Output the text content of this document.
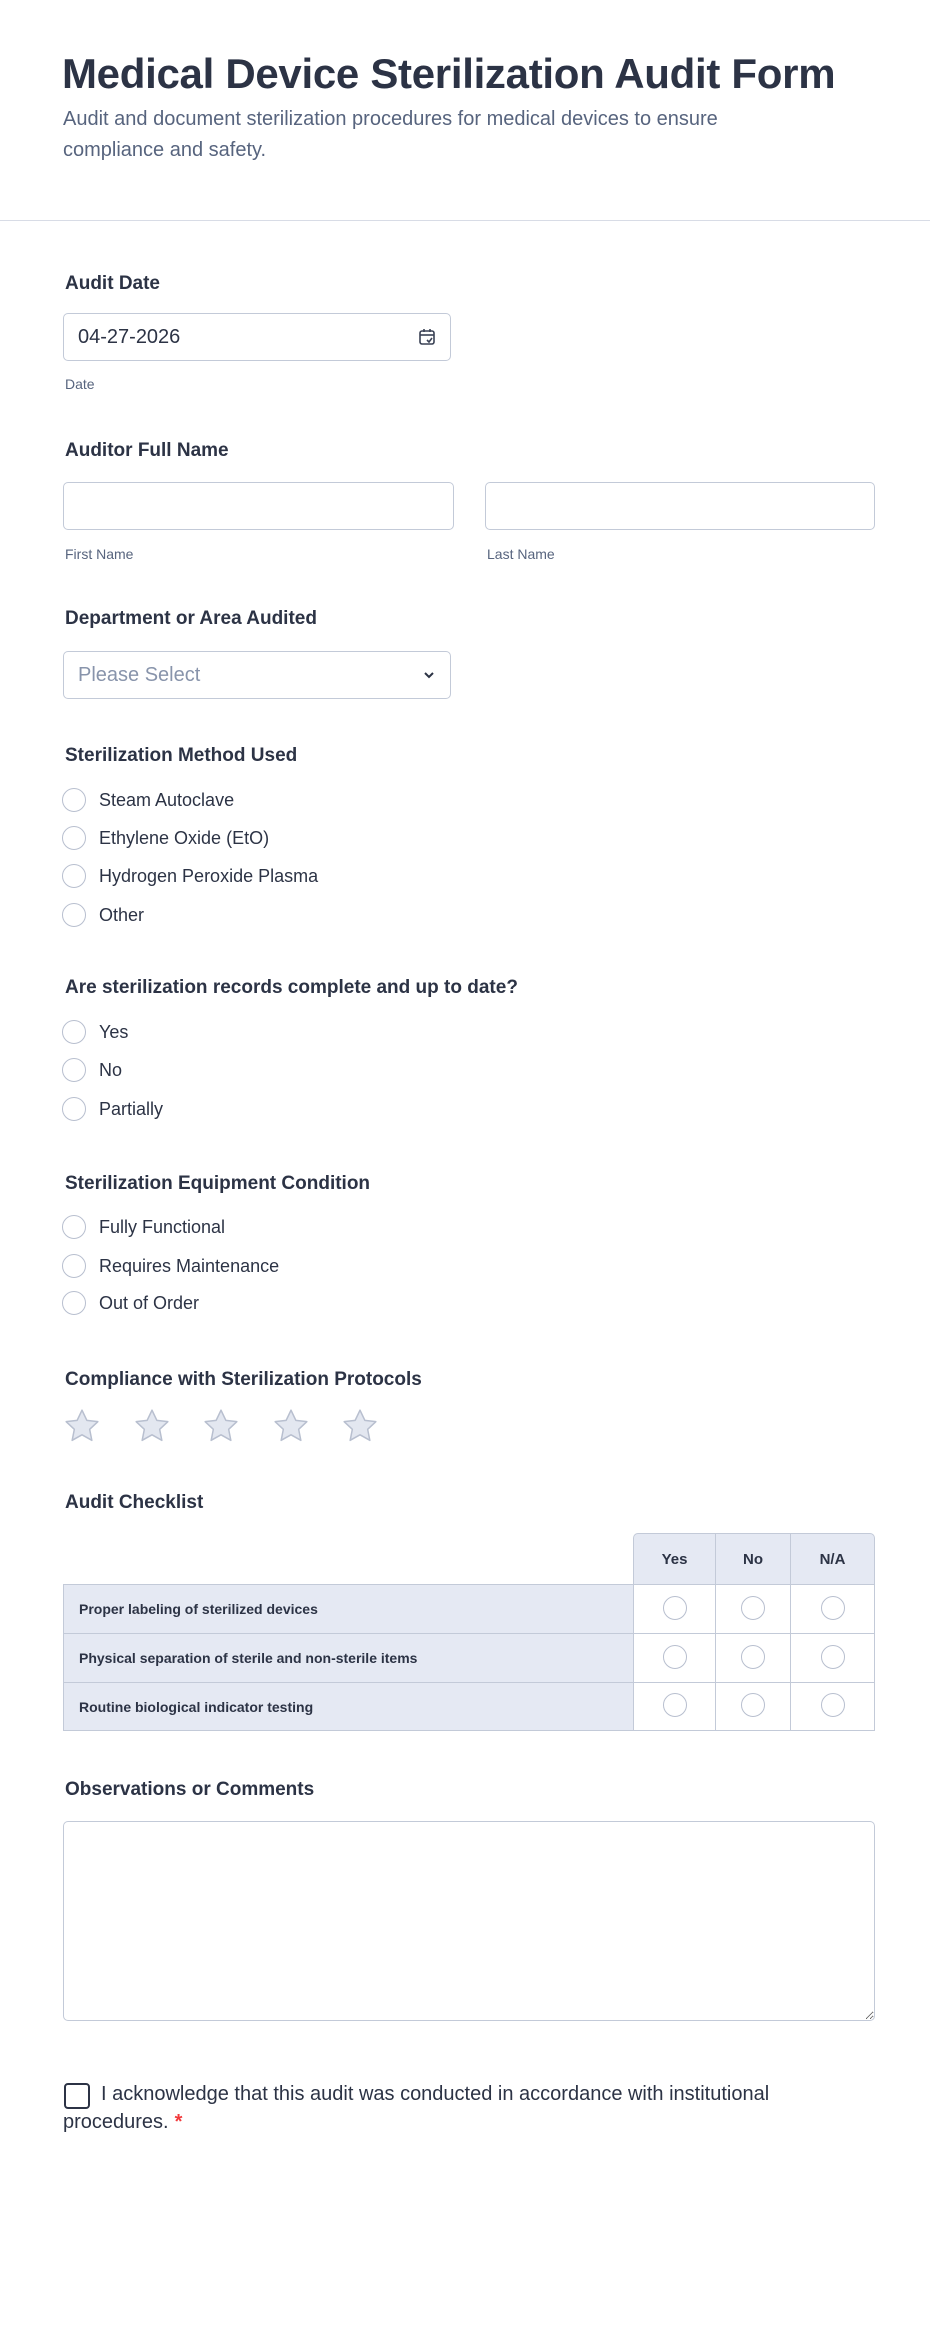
Medical Device Sterilization Audit Form

Audit and document sterilization procedures for medical devices to ensure compliance and safety.

Audit Date
04-27-2026
Date
Auditor Full Name
First Name	Last Name
Department or Area Audited
Please Select
Sterilization Method Used
Steam Autoclave
Ethylene Oxide (EtO)
Hydrogen Peroxide Plasma
Other
Are sterilization records complete and up to date?
Yes
No
Partially
Sterilization Equipment Condition
Fully Functional
Requires Maintenance
Out of Order
Compliance with Sterilization Protocols
Audit Checklist
	Yes	No	N/A
Proper labeling of sterilized devices			
Physical separation of sterile and non-sterile items			
Routine biological indicator testing			
Observations or Comments
I acknowledge that this audit was conducted in accordance with institutional procedures. *
